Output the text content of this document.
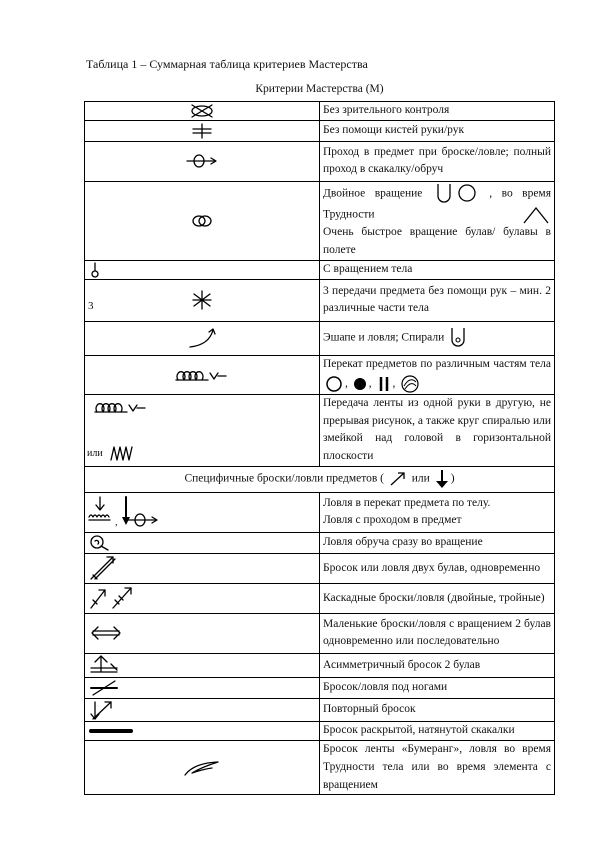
Таблица 1 – Суммарная таблица критериев Мастерства
Критерии Мастерства (М)	

	Без зрительного контроля

	Без помощи кистей руки/рук

	Проход в предмет при броске/ловле; полный проход в скакалку/обруч

Двойное вращение , во время Трудности
Очень быстрое вращение булав/ булавы в полете

	С вращением тела

3	3 передачи предмета без помощи рук – мин. 2 различные части тела

	Эшапе и ловля; Спирали

	Перекат предметов по различным частям тела , , ,

или	Передача ленты из одной руки в другую, не прерывая рисунок, а также круг спиралью или змейкой над головой в горизонтальной плоскости
Специфичные броски/ловли предметов ( или )	

,	Ловля в перекат предмета по телу.
Ловля с проходом в предмет

	Ловля обруча сразу во вращение

	Бросок или ловля двух булав, одновременно

	Каскадные броски/ловля (двойные, тройные)

	Маленькие броски/ловля с вращением 2 булав одновременно или последовательно

	Асимметричный бросок 2 булав

	Бросок/ловля под ногами

	Повторный бросок

	Бросок раскрытой, натянутой скакалки

	Бросок ленты «Бумеранг», ловля во время Трудности тела или во время элемента с вращением
